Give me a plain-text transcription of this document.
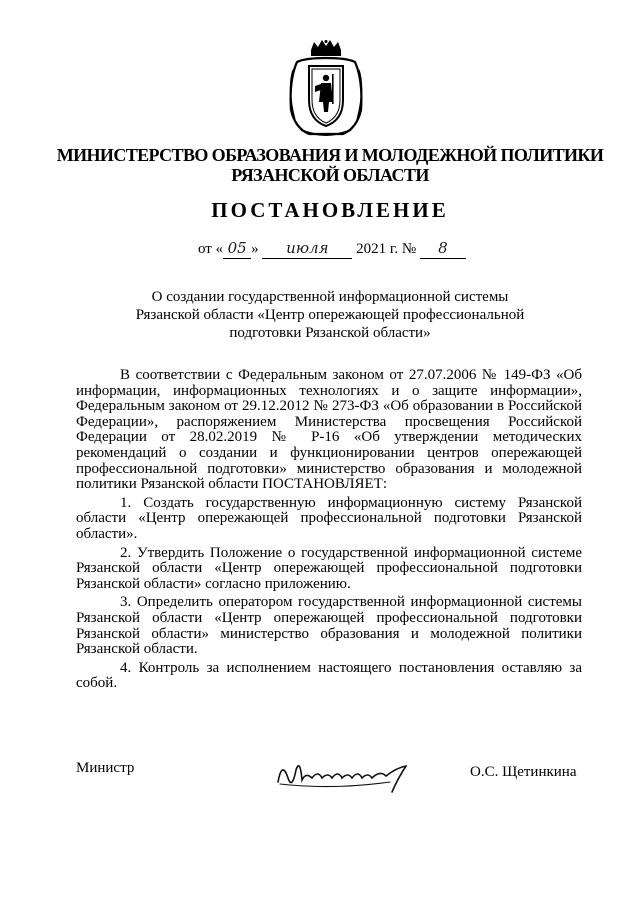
МИНИСТЕРСТВО ОБРАЗОВАНИЯ И МОЛОДЕЖНОЙ ПОЛИТИКИ
РЯЗАНСКОЙ ОБЛАСТИ
ПОСТАНОВЛЕНИЕ
от « 05 » июля 2021 г. № 8
О создании государственной информационной системы
Рязанской области «Центр опережающей профессиональной
подготовки Рязанской области»

В соответствии с Федеральным законом от 27.07.2006 № 149-ФЗ «Об информации, информационных технологиях и о защите информации», Федеральным законом от 29.12.2012 № 273-ФЗ «Об образовании в Российской Федерации», распоряжением Министерства просвещения Российской Федерации от 28.02.2019 № Р-16 «Об утверждении методических рекомендаций о создании и функционировании центров опережающей профессиональной подготовки» министерство образования и молодежной политики Рязанской области ПОСТАНОВЛЯЕТ:

1. Создать государственную информационную систему Рязанской области «Центр опережающей профессиональной подготовки Рязанской области».

2. Утвердить Положение о государственной информационной системе Рязанской области «Центр опережающей профессиональной подготовки Рязанской области» согласно приложению.

3. Определить оператором государственной информационной системы Рязанской области «Центр опережающей профессиональной подготовки Рязанской области» министерство образования и молодежной политики Рязанской области.

4. Контроль за исполнением настоящего постановления оставляю за собой.

Министр	О.С. Щетинкина
